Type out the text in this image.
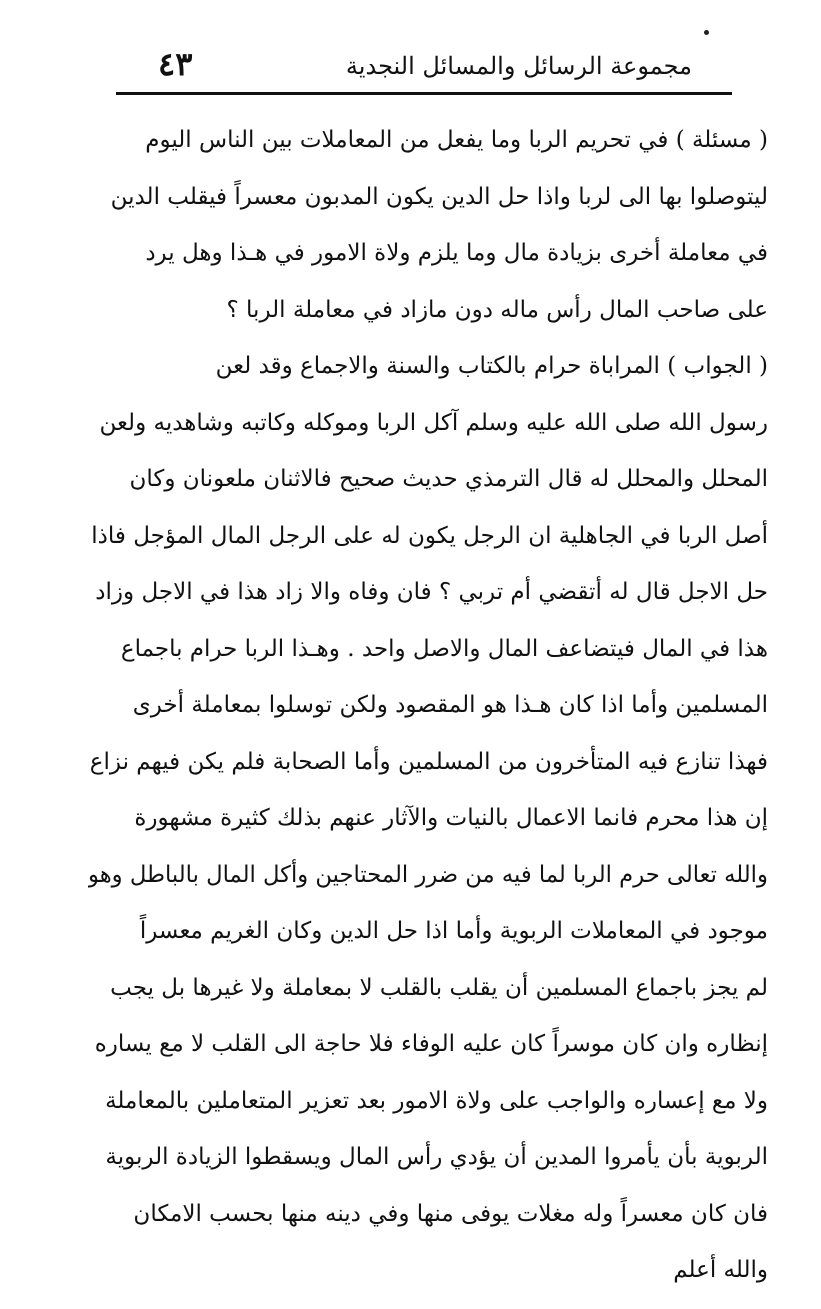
٤٣	مجموعة الرسائل والمسائل النجدية
( مسئلة ) في تحريم الربا وما يفعل من المعاملات بين الناس اليوم
ليتوصلوا بها الى لربا واذا حل الدين يكون المدبون معسراً فيقلب الدين
في معاملة أخرى بزيادة مال وما يلزم ولاة الامور في هـذا وهل يرد
على صاحب المال رأس ماله دون مازاد في معاملة الربا ؟
( الجواب ) المراباة حرام بالكتاب والسنة والاجماع وقد لعن
رسول الله صلى الله عليه وسلم آكل الربا وموكله وكاتبه وشاهديه ولعن
المحلل والمحلل له قال الترمذي حديث صحيح فالاثنان ملعونان وكان
أصل الربا في الجاهلية ان الرجل يكون له على الرجل المال المؤجل فاذا
حل الاجل قال له أتقضي أم تربي ؟ فان وفاه والا زاد هذا في الاجل وزاد
هذا في المال فيتضاعف المال والاصل واحد . وهـذا الربا حرام باجماع
المسلمين وأما اذا كان هـذا هو المقصود ولكن توسلوا بمعاملة أخرى
فهذا تنازع فيه المتأخرون من المسلمين وأما الصحابة فلم يكن فيهم نزاع
إن هذا محرم فانما الاعمال بالنيات والآثار عنهم بذلك كثيرة مشهورة
والله تعالى حرم الربا لما فيه من ضرر المحتاجين وأكل المال بالباطل وهو
موجود في المعاملات الربوية وأما اذا حل الدين وكان الغريم معسراً
لم يجز باجماع المسلمين أن يقلب بالقلب لا بمعاملة ولا غيرها بل يجب
إنظاره وان كان موسراً كان عليه الوفاء فلا حاجة الى القلب لا مع يساره
ولا مع إعساره والواجب على ولاة الامور بعد تعزير المتعاملين بالمعاملة
الربوية بأن يأمروا المدين أن يؤدي رأس المال ويسقطوا الزيادة الربوية
فان كان معسراً وله مغلات يوفى منها وفي دينه منها بحسب الامكان
والله أعلم
